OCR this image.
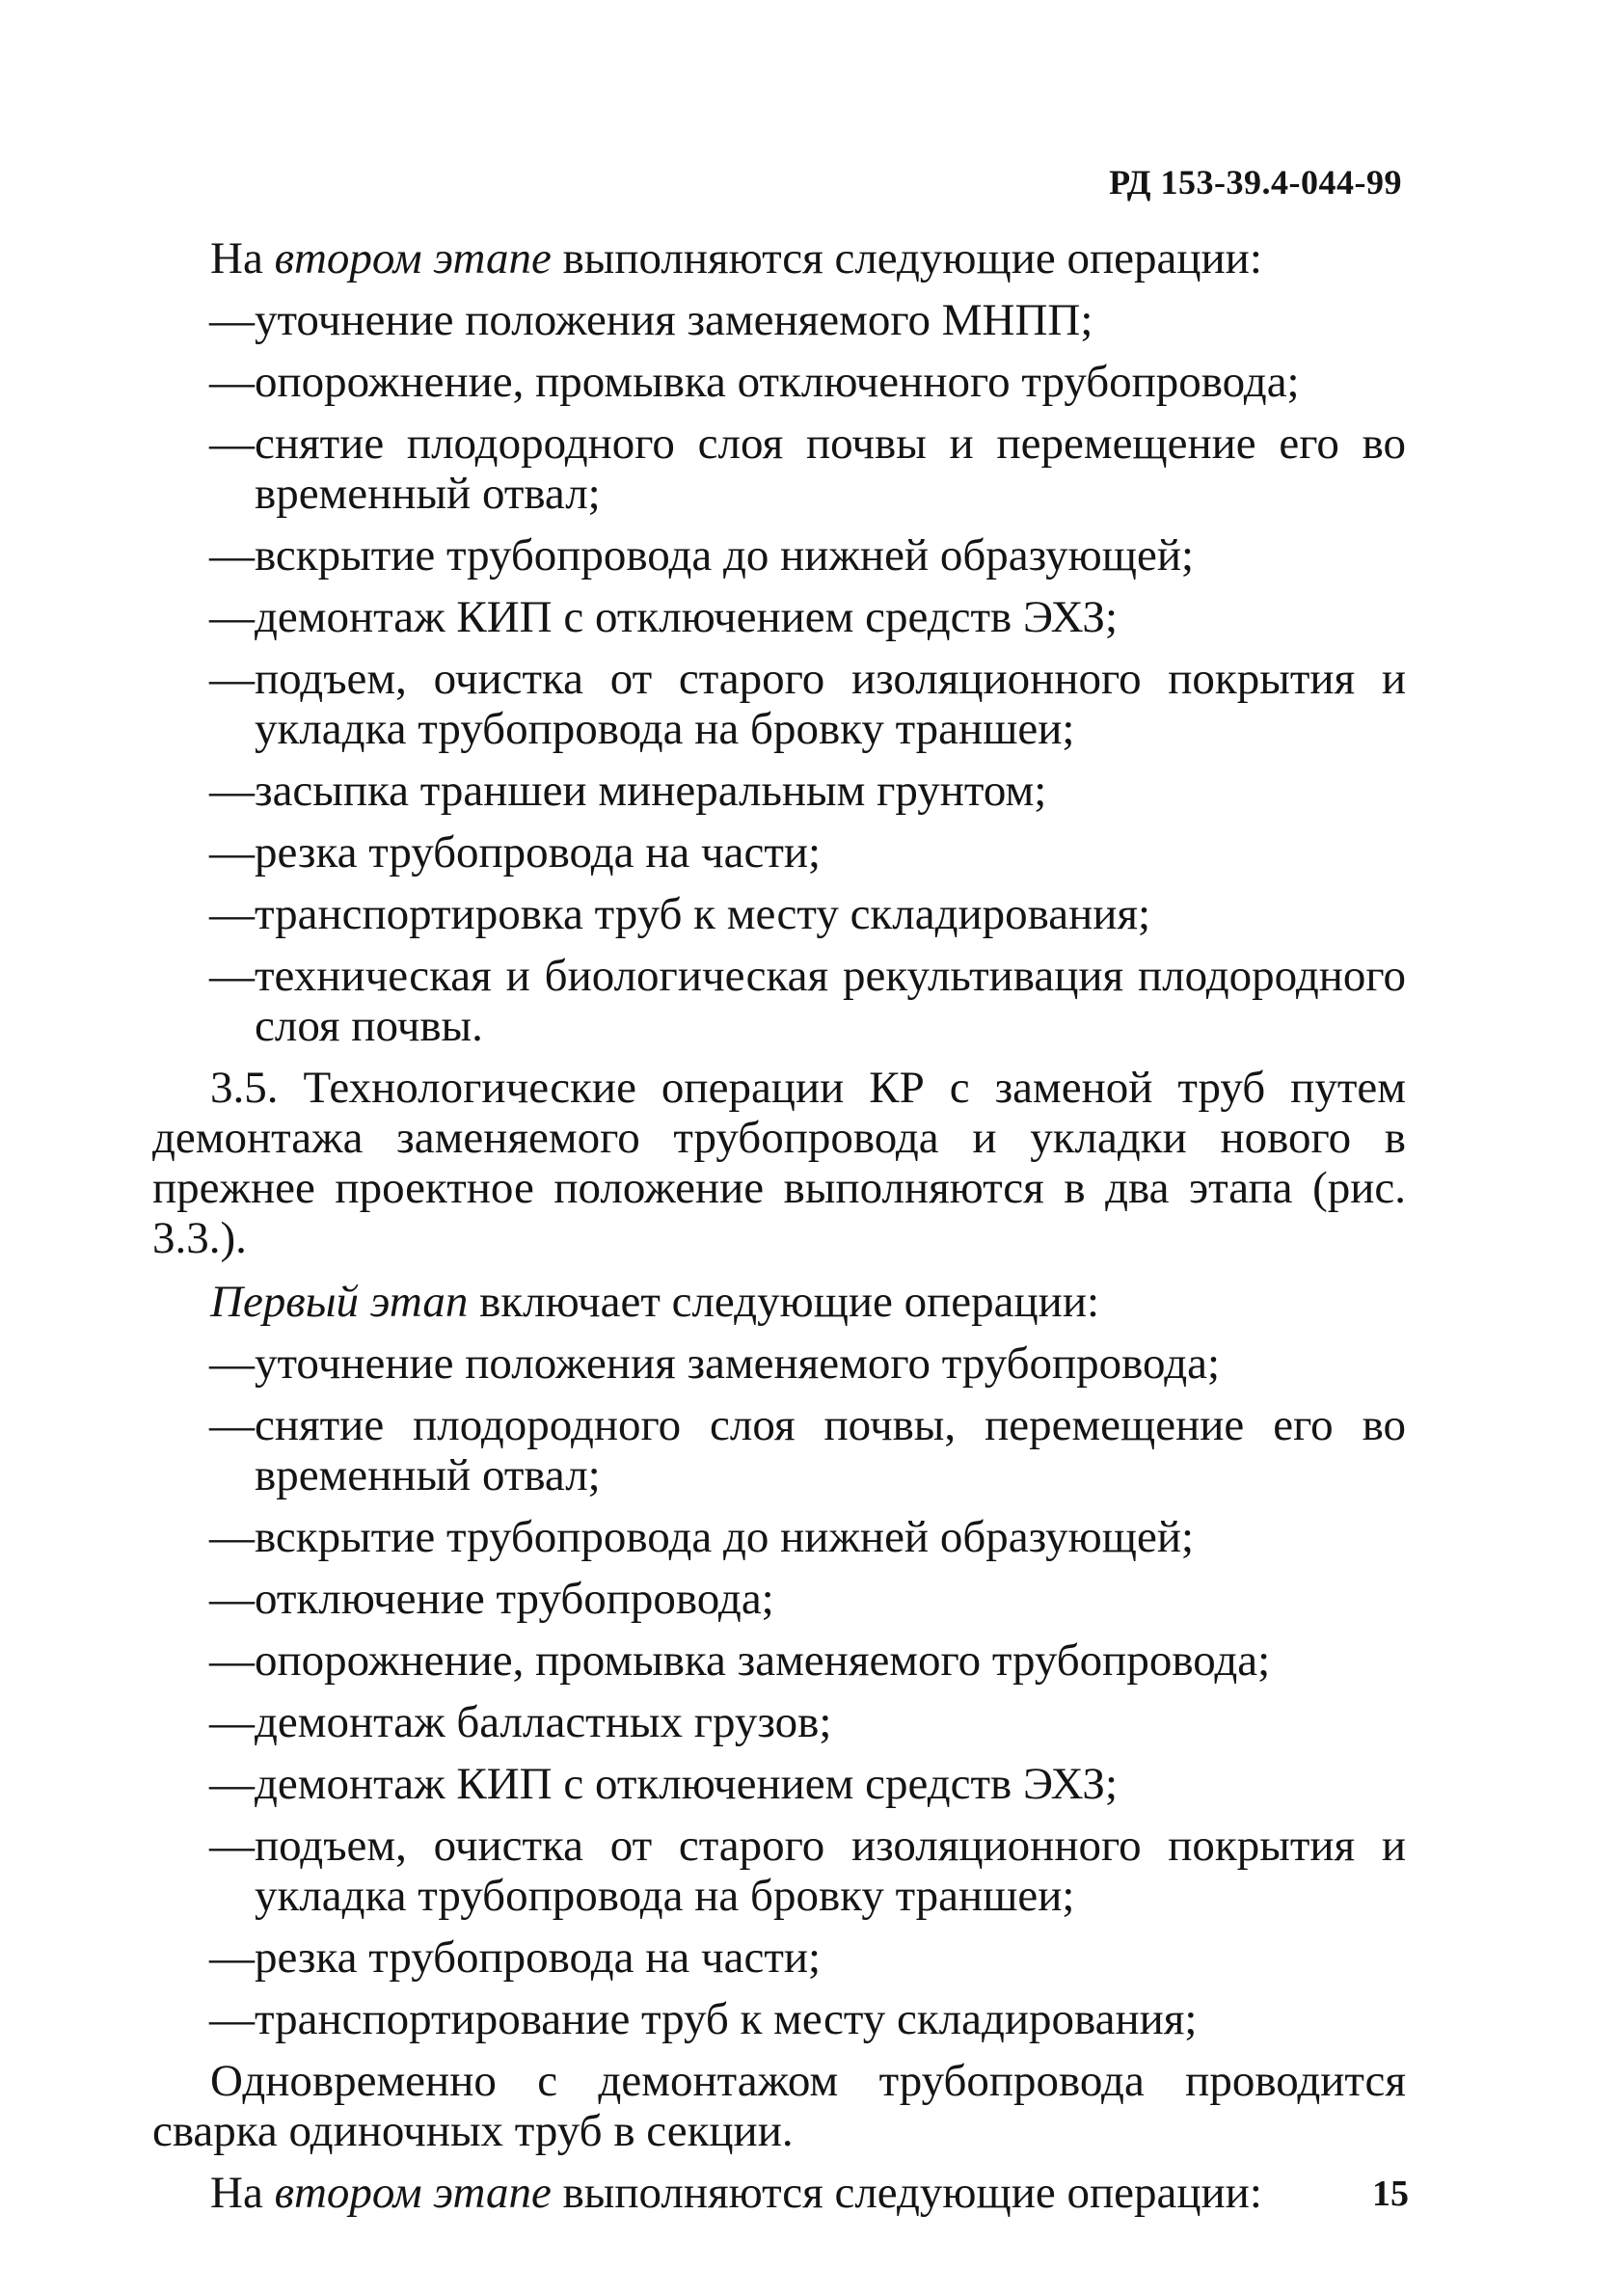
РД 153-39.4-044-99

На втором этапе выполняются следующие операции:

—уточнение положения заменяемого МНПП;

—опорожнение, промывка отключенного трубопровода;

—снятие плодородного слоя почвы и перемещение его во временный отвал;

—вскрытие трубопровода до нижней образующей;

—демонтаж КИП с отключением средств ЭХЗ;

—подъем, очистка от старого изоляционного покрытия и укладка трубопровода на бровку траншеи;

—засыпка траншеи минеральным грунтом;

—резка трубопровода на части;

—транспортировка труб к месту складирования;

—техническая и биологическая рекультивация плодородного слоя почвы.

3.5. Технологические операции КР с заменой труб путем демонтажа заменяемого трубопровода и укладки нового в прежнее проектное положение выполняются в два этапа (рис. 3.3.).

Первый этап включает следующие операции:

—уточнение положения заменяемого трубопровода;

—снятие плодородного слоя почвы, перемещение его во временный отвал;

—вскрытие трубопровода до нижней образующей;

—отключение трубопровода;

—опорожнение, промывка заменяемого трубопровода;

—демонтаж балластных грузов;

—демонтаж КИП с отключением средств ЭХЗ;

—подъем, очистка от старого изоляционного покрытия и укладка трубопровода на бровку траншеи;

—резка трубопровода на части;

—транспортирование труб к месту складирования;

Одновременно с демонтажом трубопровода проводится сварка одиночных труб в секции.

На втором этапе выполняются следующие операции:	15
